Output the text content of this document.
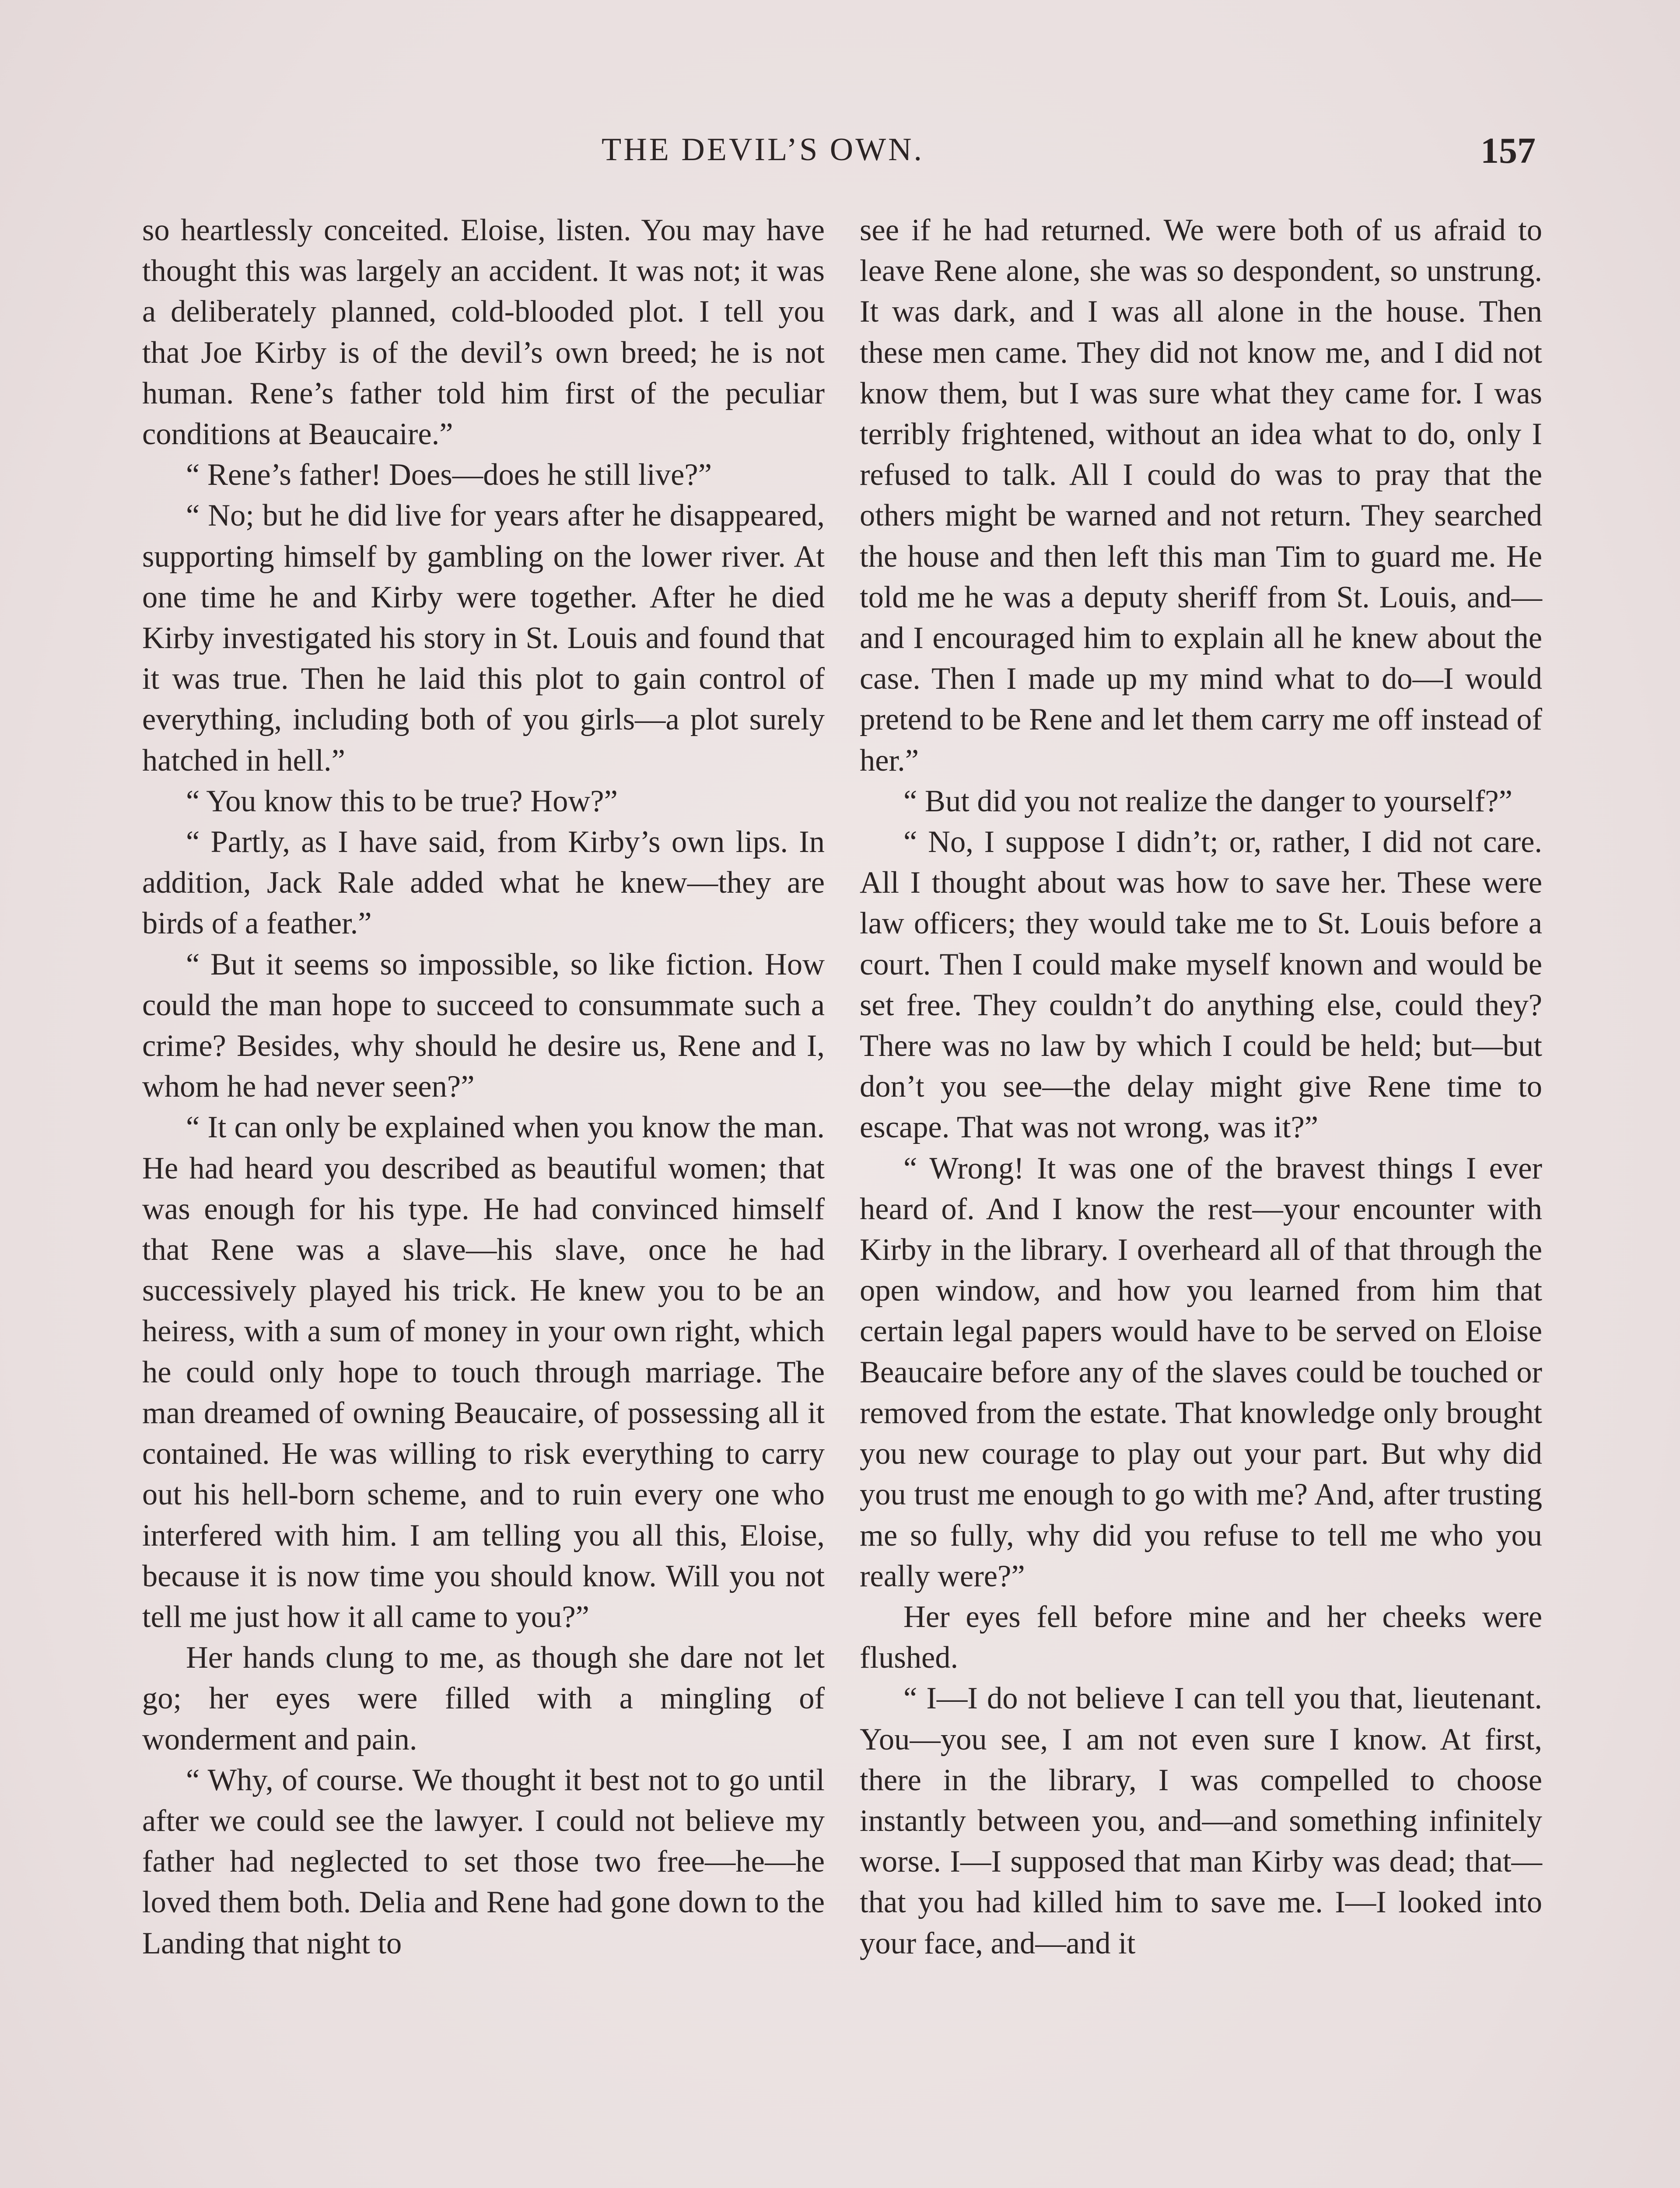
THE DEVIL’S OWN.	157

so heartlessly conceited. Eloise, listen. You may have thought this was largely an accident. It was not; it was a deliberately planned, cold-blooded plot. I tell you that Joe Kirby is of the devil’s own breed; he is not human. Rene’s father told him first of the peculiar conditions at Beaucaire.”

“ Rene’s father! Does—does he still live?”

“ No; but he did live for years after he disappeared, supporting himself by gambling on the lower river. At one time he and Kirby were together. After he died Kirby investigated his story in St. Louis and found that it was true. Then he laid this plot to gain control of everything, including both of you girls—a plot surely hatched in hell.”

“ You know this to be true? How?”

“ Partly, as I have said, from Kirby’s own lips. In addition, Jack Rale added what he knew—they are birds of a feather.”

“ But it seems so impossible, so like fiction. How could the man hope to succeed to consummate such a crime? Besides, why should he desire us, Rene and I, whom he had never seen?”

“ It can only be explained when you know the man. He had heard you described as beautiful women; that was enough for his type. He had convinced himself that Rene was a slave—his slave, once he had successively played his trick. He knew you to be an heiress, with a sum of money in your own right, which he could only hope to touch through marriage. The man dreamed of owning Beaucaire, of possessing all it contained. He was willing to risk everything to carry out his hell-born scheme, and to ruin every one who interfered with him. I am telling you all this, Eloise, because it is now time you should know. Will you not tell me just how it all came to you?”

Her hands clung to me, as though she dare not let go; her eyes were filled with a mingling of wonderment and pain.

“ Why, of course. We thought it best not to go until after we could see the lawyer. I could not believe my father had neglected to set those two free—he—he loved them both. Delia and Rene had gone down to the Landing that night to

see if he had returned. We were both of us afraid to leave Rene alone, she was so despondent, so unstrung. It was dark, and I was all alone in the house. Then these men came. They did not know me, and I did not know them, but I was sure what they came for. I was terribly frightened, without an idea what to do, only I refused to talk. All I could do was to pray that the others might be warned and not return. They searched the house and then left this man Tim to guard me. He told me he was a deputy sheriff from St. Louis, and—and I encouraged him to explain all he knew about the case. Then I made up my mind what to do—I would pretend to be Rene and let them carry me off instead of her.”

“ But did you not realize the danger to yourself?”

“ No, I suppose I didn’t; or, rather, I did not care. All I thought about was how to save her. These were law officers; they would take me to St. Louis before a court. Then I could make myself known and would be set free. They couldn’t do anything else, could they? There was no law by which I could be held; but—but don’t you see—the delay might give Rene time to escape. That was not wrong, was it?”

“ Wrong! It was one of the bravest things I ever heard of. And I know the rest—your encounter with Kirby in the library. I overheard all of that through the open window, and how you learned from him that certain legal papers would have to be served on Eloise Beaucaire before any of the slaves could be touched or removed from the estate. That knowledge only brought you new courage to play out your part. But why did you trust me enough to go with me? And, after trusting me so fully, why did you refuse to tell me who you really were?”

Her eyes fell before mine and her cheeks were flushed.

“ I—I do not believe I can tell you that, lieutenant. You—you see, I am not even sure I know. At first, there in the library, I was compelled to choose instantly between you, and—and something infinitely worse. I—I supposed that man Kirby was dead; that—that you had killed him to save me. I—I looked into your face, and—and it
